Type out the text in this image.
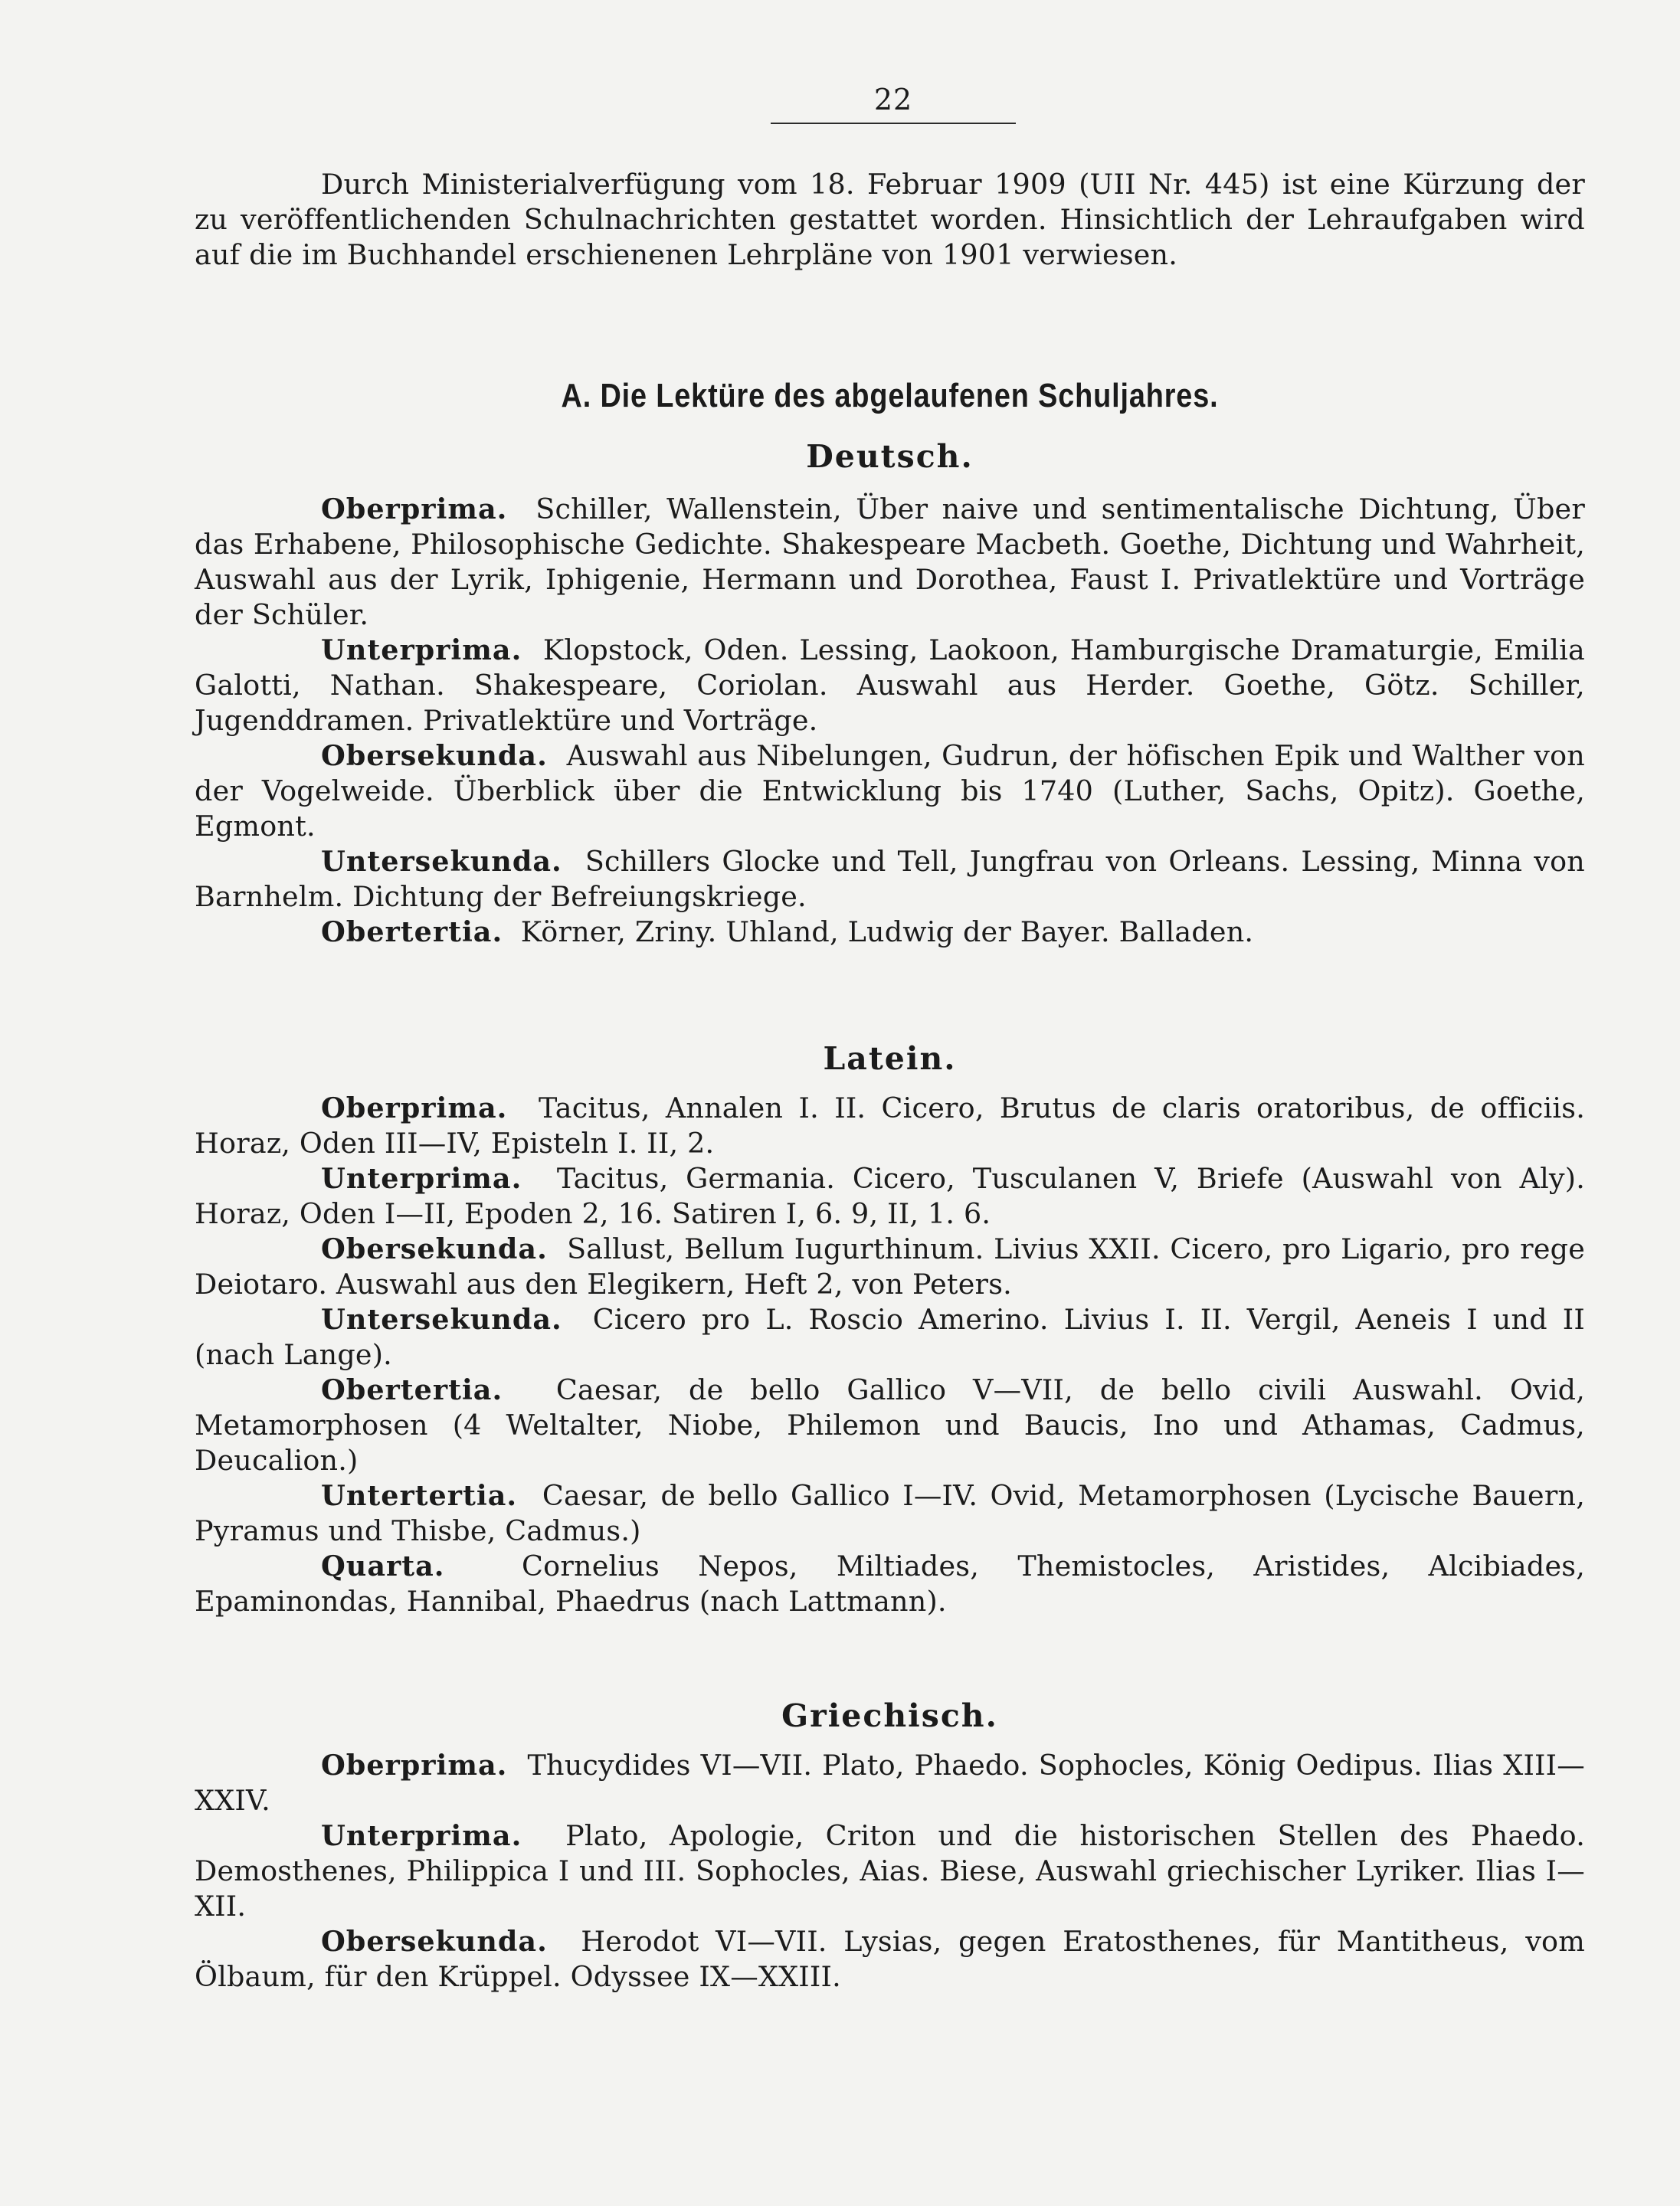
22

Durch Ministerialverfügung vom 18. Februar 1909 (UII Nr. 445) ist eine Kürzung der zu veröffentlichenden Schulnachrichten gestattet worden. Hinsichtlich der Lehraufgaben wird auf die im Buchhandel erschienenen Lehrpläne von 1901 verwiesen.

A. Die Lektüre des abgelaufenen Schuljahres.
Deutsch.

Oberprima. Schiller, Wallenstein, Über naive und sentimentalische Dichtung, Über das Erhabene, Philosophische Gedichte. Shakespeare Macbeth. Goethe, Dichtung und Wahrheit, Auswahl aus der Lyrik, Iphigenie, Hermann und Dorothea, Faust I. Privatlektüre und Vorträge der Schüler.

Unterprima. Klopstock, Oden. Lessing, Laokoon, Hamburgische Dramaturgie, Emilia Galotti, Nathan. Shakespeare, Coriolan. Auswahl aus Herder. Goethe, Götz. Schiller, Jugenddramen. Privatlektüre und Vorträge.

Obersekunda. Auswahl aus Nibelungen, Gudrun, der höfischen Epik und Walther von der Vogelweide. Überblick über die Entwicklung bis 1740 (Luther, Sachs, Opitz). Goethe, Egmont.

Untersekunda. Schillers Glocke und Tell, Jungfrau von Orleans. Lessing, Minna von Barnhelm. Dichtung der Befreiungskriege.

Obertertia. Körner, Zriny. Uhland, Ludwig der Bayer. Balladen.

Latein.

Oberprima. Tacitus, Annalen I. II. Cicero, Brutus de claris oratoribus, de officiis. Horaz, Oden III—IV, Episteln I. II, 2.

Unterprima. Tacitus, Germania. Cicero, Tusculanen V, Briefe (Auswahl von Aly). Horaz, Oden I—II, Epoden 2, 16. Satiren I, 6. 9, II, 1. 6.

Obersekunda. Sallust, Bellum Iugurthinum. Livius XXII. Cicero, pro Ligario, pro rege Deiotaro. Auswahl aus den Elegikern, Heft 2, von Peters.

Untersekunda. Cicero pro L. Roscio Amerino. Livius I. II. Vergil, Aeneis I und II (nach Lange).

Obertertia. Caesar, de bello Gallico V—VII, de bello civili Auswahl. Ovid, Metamorphosen (4 Weltalter, Niobe, Philemon und Baucis, Ino und Athamas, Cadmus, Deucalion.)

Untertertia. Caesar, de bello Gallico I—IV. Ovid, Metamorphosen (Lycische Bauern, Pyramus und Thisbe, Cadmus.)

Quarta.	Cornelius Nepos, Miltiades, Themistocles, Aristides, Alcibiades, Epaminondas, Hannibal, Phaedrus (nach Lattmann).

Griechisch.

Oberprima. Thucydides VI—VII. Plato, Phaedo. Sophocles, König Oedipus. Ilias XIII—XXIV.

Unterprima. Plato, Apologie, Criton und die historischen Stellen des Phaedo. Demosthenes, Philippica I und III. Sophocles, Aias. Biese, Auswahl griechischer Lyriker. Ilias I— XII.

Obersekunda. Herodot VI—VII. Lysias, gegen Eratosthenes, für Mantitheus, vom Ölbaum, für den Krüppel. Odyssee IX—XXIII.
